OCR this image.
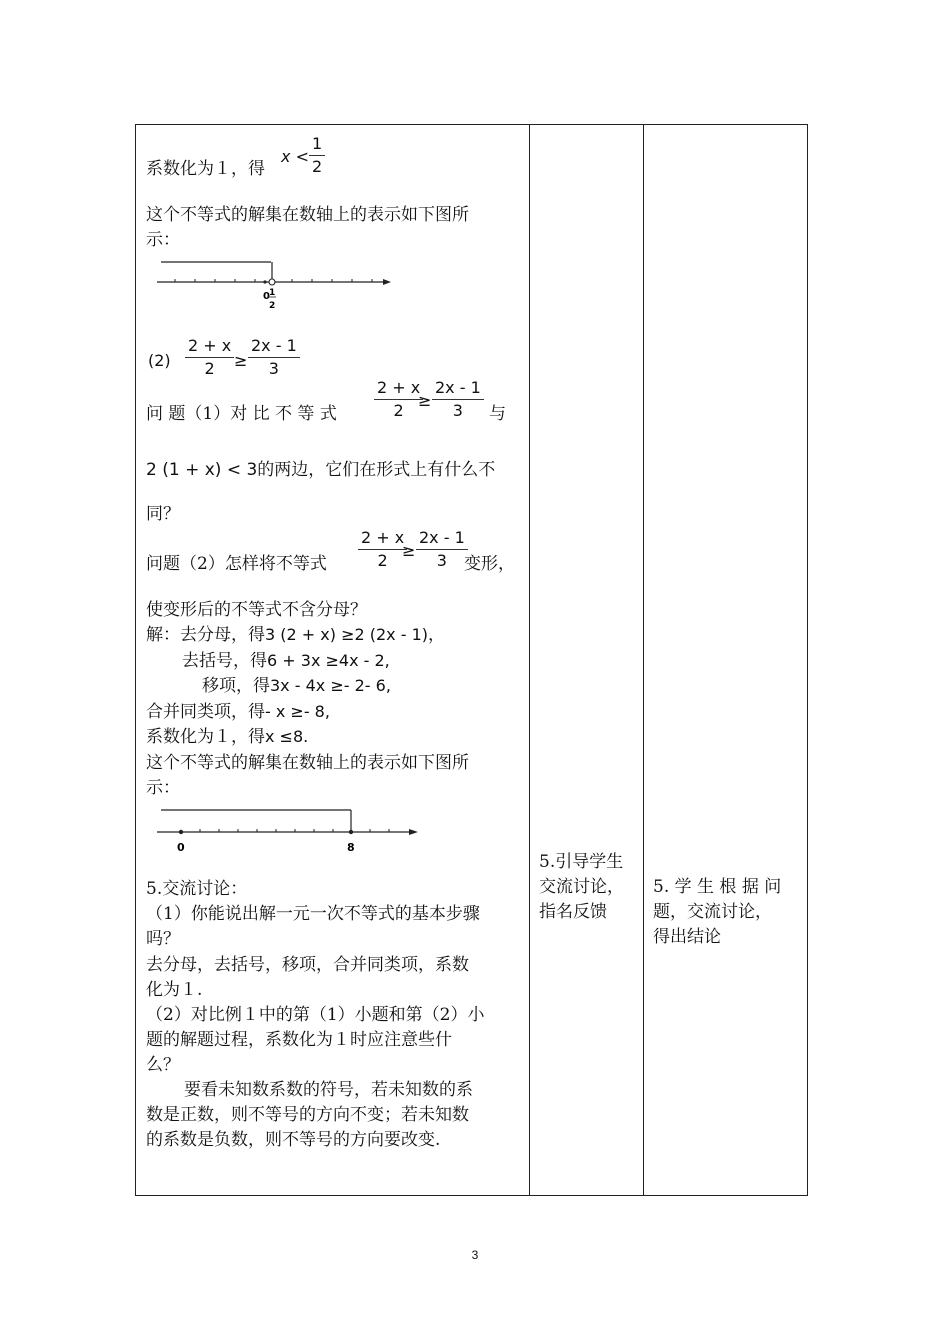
系数化为１，得
$x < \frac{1}{2}$
这个不等式的解集在数轴上的表示如下图所
示：
0 1
2
$(2) \frac{2 + x}{2} \ge \frac{2x - 1}{3}$
问 题（1）对 比 不 等 式 $\frac{2 + x}{2}$
≥ $\frac{2x - 1}{3}$ 与
2 (1 + x) < 3的两边，它们在形式上有什么不
同？
问题（2）怎样将不等式 $\frac{2 + x}{2}$
≥ $\frac{2x - 1}{3}$
变形，
使变形后的不等式不含分母？
解：去分母，得3 (2 + x) ≥2 (2x - 1)，
去括号，得6 + 3x ≥4x - 2,
移项，得3x - 4x ≥- 2- 6,
合并同类项，得- x ≥- 8,
系数化为１，得x ≤8.
这个不等式的解集在数轴上的表示如下图所
示：
0	8
5.交流讨论：
（1）你能说出解一元一次不等式的基本步骤
吗？
去分母，去括号，移项，合并同类项，系数
化为１.
（2）对比例１中的第（1）小题和第（2）小
题的解题过程，系数化为１时应注意些什
么？
要看未知数系数的符号，若未知数的系
数是正数，则不等号的方向不变；若未知数
的系数是负数，则不等号的方向要改变.
5.引导学生
交流讨论，
指名反馈
5. 学 生 根 据 问
题，交流讨论，
得出结论
3
